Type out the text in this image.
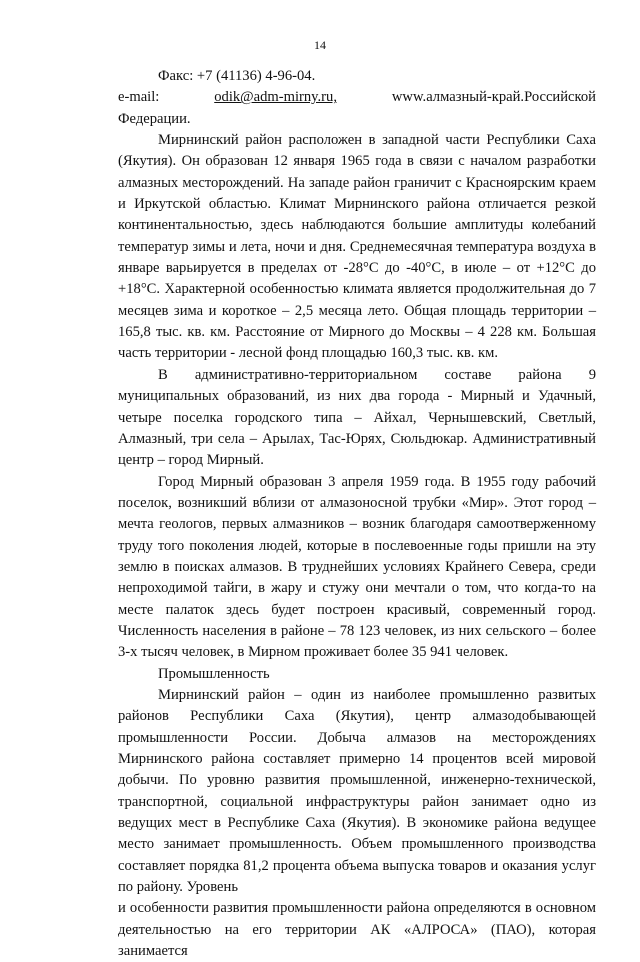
14

Факс: +7 (41136) 4-96-04.

e-mail:	odik@adm-mirny.ru,	www.алмазный-край.Российской

Федерации.

Мирнинский район расположен в западной части Республики Саха (Якутия). Он образован 12 января 1965 года в связи с началом разработки алмазных месторождений. На западе район граничит с Красноярским краем и Иркутской областью. Климат Мирнинского района отличается резкой континентальностью, здесь наблюдаются большие амплитуды колебаний температур зимы и лета, ночи и дня. Среднемесячная температура воздуха в январе варьируется в пределах от -28°С до -40°С, в июле – от +12°С до +18°С. Характерной особенностью климата является продолжительная до 7 месяцев зима и короткое – 2,5 месяца лето. Общая площадь территории – 165,8 тыс. кв. км. Расстояние от Мирного до Москвы – 4 228 км. Большая часть территории - лесной фонд площадью 160,3 тыс. кв. км.

В административно-территориальном составе района 9 муниципальных образований, из них два города - Мирный и Удачный, четыре поселка городского типа – Айхал, Чернышевский, Светлый, Алмазный, три села – Арылах, Тас-Юрях, Сюльдюкар. Административный центр – город Мирный.

Город Мирный образован 3 апреля 1959 года. В 1955 году рабочий поселок, возникший вблизи от алмазоносной трубки «Мир». Этот город – мечта геологов, первых алмазников – возник благодаря самоотверженному труду того поколения людей, которые в послевоенные годы пришли на эту землю в поисках алмазов. В труднейших условиях Крайнего Севера, среди непроходимой тайги, в жару и стужу они мечтали о том, что когда-то на месте палаток здесь будет построен красивый, современный город. Численность населения в районе – 78 123 человек, из них сельского – более 3-х тысяч человек, в Мирном проживает более 35 941 человек.

Промышленность

Мирнинский район – один из наиболее промышленно развитых районов Республики Саха (Якутия), центр алмазодобывающей промышленности России. Добыча алмазов на месторождениях Мирнинского района составляет примерно 14 процентов всей мировой добычи. По уровню развития промышленной, инженерно-технической, транспортной, социальной инфраструктуры район занимает одно из ведущих мест в Республике Саха (Якутия). В экономике района ведущее место занимает промышленность. Объем промышленного производства составляет порядка 81,2 процента объема выпуска товаров и оказания услуг по району. Уровень

и особенности развития промышленности района определяются в основном деятельностью на его территории АК «АЛРОСА» (ПАО), которая занимается
